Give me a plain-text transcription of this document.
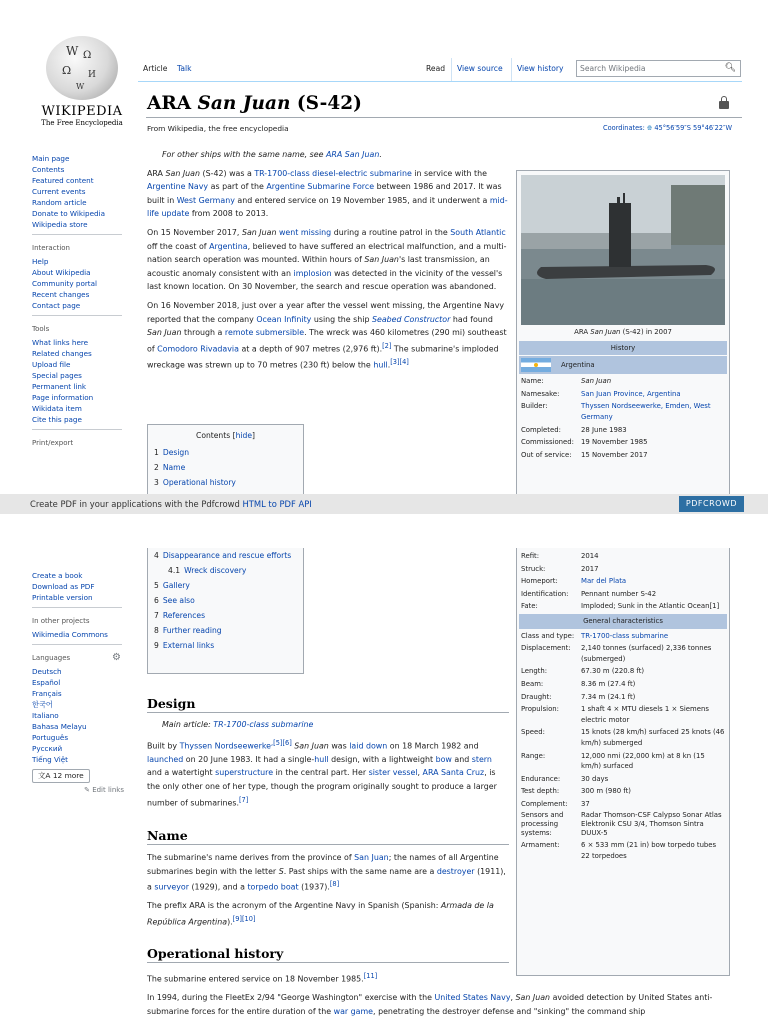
W Ω
Ω И
W
WIKIPEDIA
The Free Encyclopedia
Main page
Contents
Featured content
Current events
Random article
Donate to Wikipedia
Wikipedia store
Interaction
Help
About Wikipedia
Community portal
Recent changes
Contact page
Tools
What links here
Related changes
Upload file
Special pages
Permanent link
Page information
Wikidata item
Cite this page
Print/export
Article	Talk	Read	View source	View history	Search Wikipedia	🔍︎
ARA San Juan (S-42)
From Wikipedia, the free encyclopedia	Coordinates: 🌐︎ 45°56′59″S 59°46′22″W

For other ships with the same name, see ARA San Juan.

ARA San Juan (S-42) was a TR-1700-class diesel-electric submarine in service with the Argentine Navy as part of the Argentine Submarine Force between 1986 and 2017. It was built in West Germany and entered service on 19 November 1985, and it underwent a mid-life update from 2008 to 2013.

On 15 November 2017, San Juan went missing during a routine patrol in the South Atlantic off the coast of Argentina, believed to have suffered an electrical malfunction, and a multi-nation search operation was mounted. Within hours of San Juan's last transmission, an acoustic anomaly consistent with an implosion was detected in the vicinity of the vessel's last known location. On 30 November, the search and rescue operation was abandoned.

On 16 November 2018, just over a year after the vessel went missing, the Argentine Navy reported that the company Ocean Infinity using the ship Seabed Constructor had found San Juan through a remote submersible. The wreck was 460 kilometres (290 mi) southeast of Comodoro Rivadavia at a depth of 907 metres (2,976 ft).[2] The submarine's imploded wreckage was strewn up to 70 metres (230 ft) below the hull.[3][4]

Contents [hide]
1 Design
2 Name
3 Operational history
ARA San Juan (S-42) in 2007
History
Argentina
Name:	San Juan
Namesake:	San Juan Province, Argentina
Builder:	Thyssen Nordseewerke, Emden, West Germany
Completed:	28 June 1983
Commissioned:	19 November 1985
Out of service:	15 November 2017
Create PDF in your applications with the Pdfcrowd HTML to PDF API	PDFCROWD
Create a book
Download as PDF
Printable version
In other projects
Wikimedia Commons
Languages	⚙︎
Deutsch
Español
Français
한국어
Italiano
Bahasa Melayu
Português
Русский
Tiếng Việt
文A 12 more
✎ Edit links
4 Disappearance and rescue efforts
4.1 Wreck discovery
5 Gallery
6 See also
7 References
8 Further reading
9 External links
Refit:	2014
Struck:	2017
Homeport:	Mar del Plata
Identification:	Pennant number S-42
Fate:	Imploded; Sunk in the Atlantic Ocean[1]
General characteristics
Class and type: TR-1700-class submarine
Displacement:	2,140 tonnes (surfaced) 2,336 tonnes (submerged)
Length:	67.30 m (220.8 ft)
Beam:	8.36 m (27.4 ft)
Draught:	7.34 m (24.1 ft)
Propulsion:	1 shaft 4 × MTU diesels 1 × Siemens electric motor
Speed:	15 knots (28 km/h) surfaced 25 knots (46 km/h) submerged
Range:	12,000 nmi (22,000 km) at 8 kn (15 km/h) surfaced
Endurance:	30 days
Test depth:	300 m (980 ft)
Complement:	37
Sensors and processing systems:
Radar Thomson-CSF Calypso Sonar Atlas Elektronik CSU 3/4, Thomson Sintra DUUX-5
Armament:	6 × 533 mm (21 in) bow torpedo tubes 22 torpedoes
Design

Main article: TR-1700-class submarine

Built by Thyssen Nordseewerke$^{,[5][6]}$ San Juan was laid down on 18 March 1982 and launched on 20 June 1983. It had a single-hull design, with a lightweight bow and stern and a watertight superstructure in the central part. Her sister vessel, ARA Santa Cruz, is the only other one of her type, though the program originally sought to produce a larger number of submarines.[7]

Name

The submarine's name derives from the province of San Juan; the names of all Argentine submarines begin with the letter S. Past ships with the same name are a destroyer (1911), a surveyor (1929), and a torpedo boat (1937).[8]

The prefix ARA is the acronym of the Argentine Navy in Spanish (Spanish: Armada de la República Argentina).[9][10]

Operational history

The submarine entered service on 18 November 1985.[11]

In 1994, during the FleetEx 2/94 "George Washington" exercise with the United States Navy, San Juan avoided detection by United States anti-submarine forces for the entire duration of the war game, penetrating the destroyer defense and "sinking" the command ship
